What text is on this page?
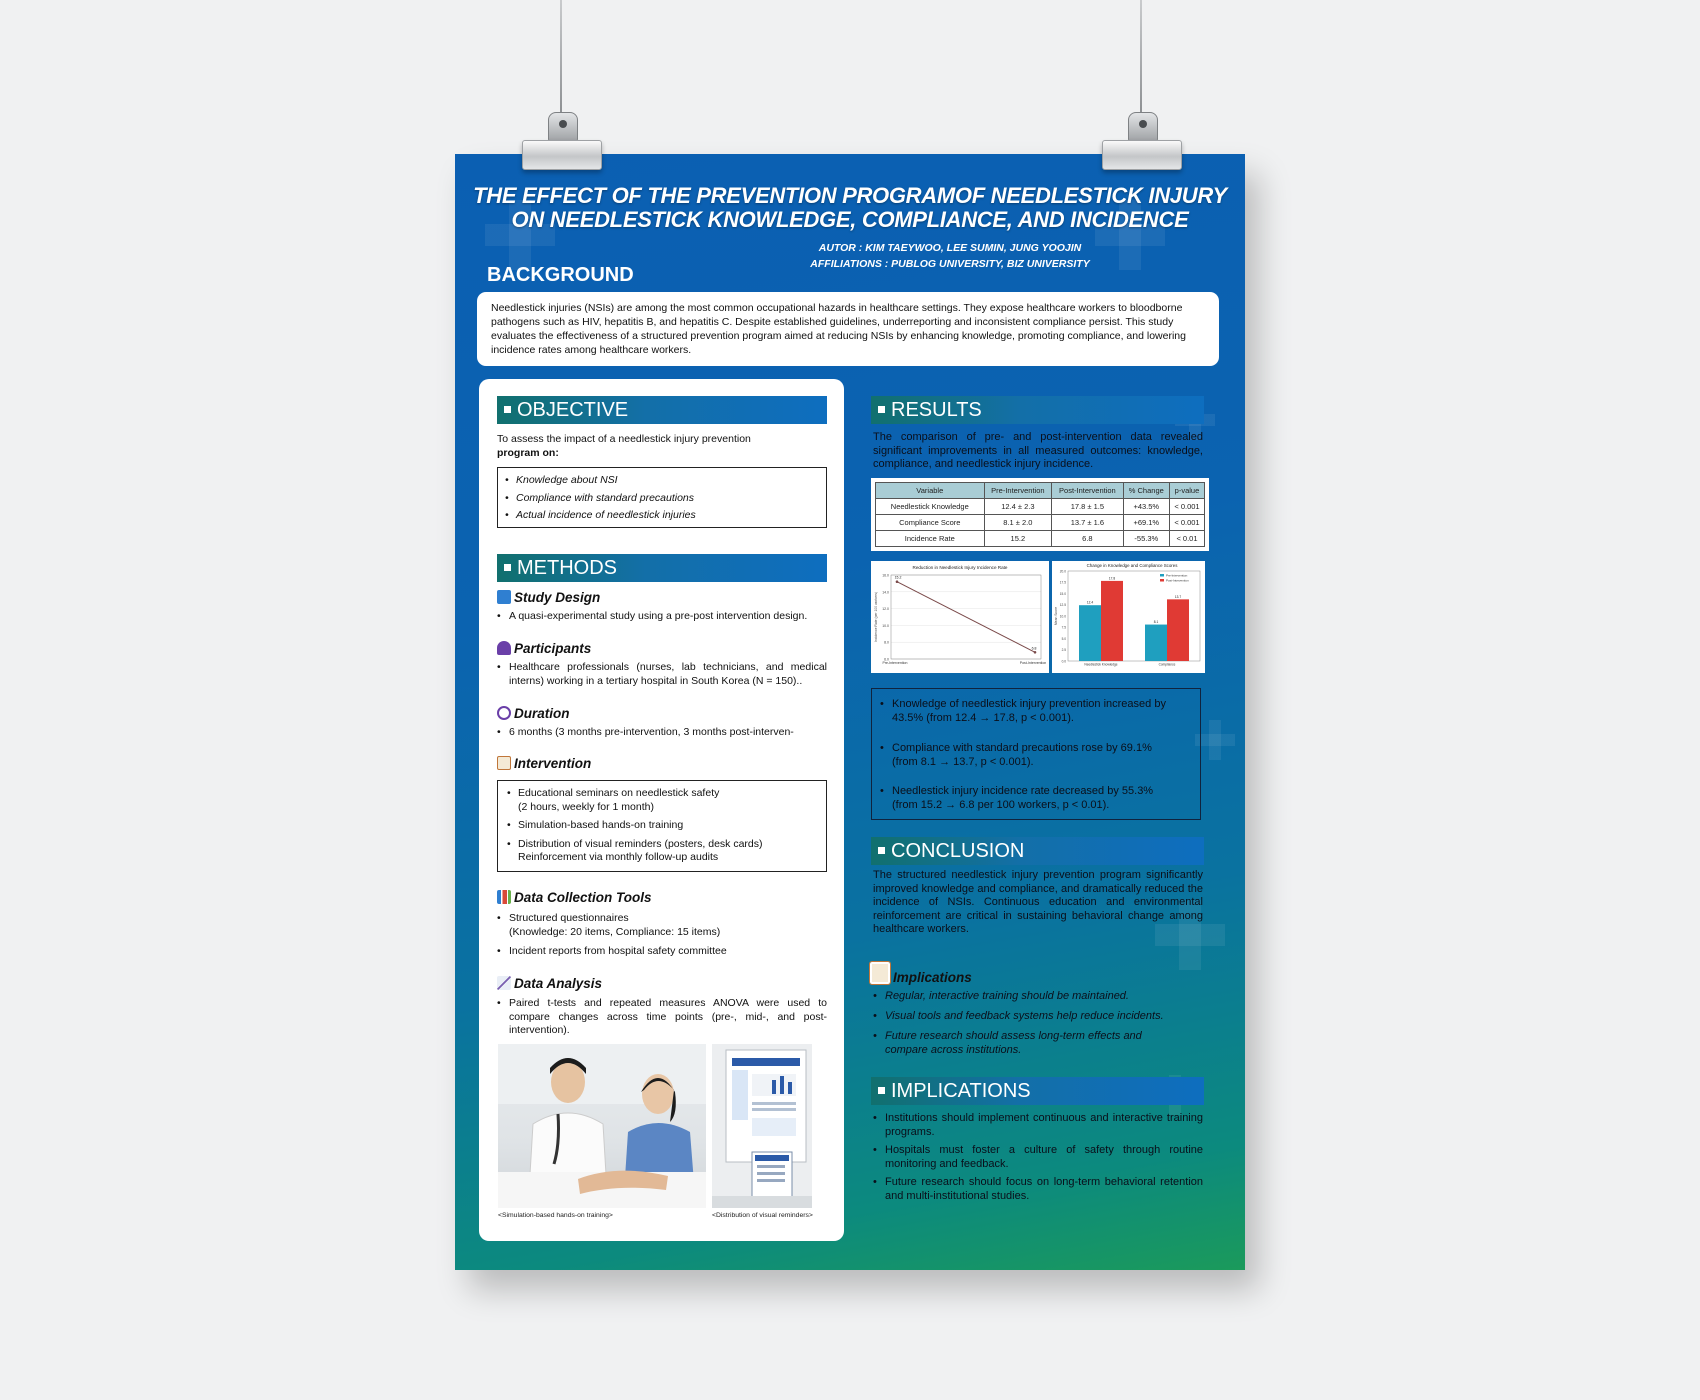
THE EFFECT OF THE PREVENTION PROGRAMOF NEEDLESTICK INJURY
ON NEEDLESTICK KNOWLEDGE, COMPLIANCE, AND INCIDENCE
AUTOR : KIM TAEYWOO, LEE SUMIN, JUNG YOOJIN
AFFILIATIONS : PUBLOG UNIVERSITY, BIZ UNIVERSITY
BACKGROUND
Needlestick injuries (NSIs) are among the most common occupational hazards in healthcare settings. They expose healthcare workers to bloodborne pathogens such as HIV, hepatitis B, and hepatitis C. Despite established guidelines, underreporting and inconsistent compliance persist. This study evaluates the effectiveness of a structured prevention program aimed at reducing NSIs by enhancing knowledge, promoting compliance, and lowering incidence rates among healthcare workers.
OBJECTIVE
To assess the impact of a needlestick injury prevention
program on:
• Knowledge about NSI
• Compliance with standard precautions
• Actual incidence of needlestick injuries
METHODS
Study Design
• A quasi-experimental study using a pre-post intervention design.
Participants
• Healthcare professionals (nurses, lab technicians, and medical interns) working in a tertiary hospital in South Korea (N = 150)..
Duration
• 6 months (3 months pre-intervention, 3 months post-interven-
Intervention
• Educational seminars on needlestick safety
(2 hours, weekly for 1 month)
• Simulation-based hands-on training
• Distribution of visual reminders (posters, desk cards)
Reinforcement via monthly follow-up audits
Data Collection Tools
• Structured questionnaires
(Knowledge: 20 items, Compliance: 15 items)
• Incident reports from hospital safety committee
Data Analysis
• Paired t-tests and repeated measures ANOVA were used to compare changes across time points (pre-, mid-, and post-intervention).
<Simulation-based hands-on training>	<Distribution of visual reminders>
RESULTS
The comparison of pre- and post-intervention data revealed significant improvements in all measured outcomes: knowledge, compliance, and needlestick injury incidence.
Variable	Pre-Intervention	Post-Intervention	% Change	p-value
Needlestick Knowledge	12.4 ± 2.3	17.8 ± 1.5	+43.5%	< 0.001
Compliance Score	8.1 ± 2.0	13.7 ± 1.6	+69.1%	< 0.001
Incidence Rate	15.2	6.8	-55.3%	< 0.01
Reduction in Needlestick Injury Incidence Rate
6.0
8.0
10.0
12.0
14.0
16.0
Incidence Rate (per 100 workers)
15.2
Pre-Intervention
6.8
Post-Intervention
Change in Knowledge and Compliance Scores
0.0
2.5
5.0
7.5
10.0
12.5
15.0
17.5
20.0
Mean Score
12.4
17.8
Needlestick Knowledge
8.1
13.7
Compliance
Pre-Intervention
Post-Intervention
• Knowledge of needlestick injury prevention increased by 43.5% (from 12.4 → 17.8, p < 0.001).
• Compliance with standard precautions rose by 69.1% (from 8.1 → 13.7, p < 0.001).
• Needlestick injury incidence rate decreased by 55.3% (from 15.2 → 6.8 per 100 workers, p < 0.01).
CONCLUSION
The structured needlestick injury prevention program significantly improved knowledge and compliance, and dramatically reduced the incidence of NSIs. Continuous education and environmental reinforcement are critical in sustaining behavioral change among healthcare workers.
Implications
• Regular, interactive training should be maintained.
• Visual tools and feedback systems help reduce incidents.
• Future research should assess long-term effects and compare across institutions.
IMPLICATIONS
• Institutions should implement continuous and interactive training programs.
• Hospitals must foster a culture of safety through routine monitoring and feedback.
• Future research should focus on long-term behavioral retention and multi-institutional studies.
